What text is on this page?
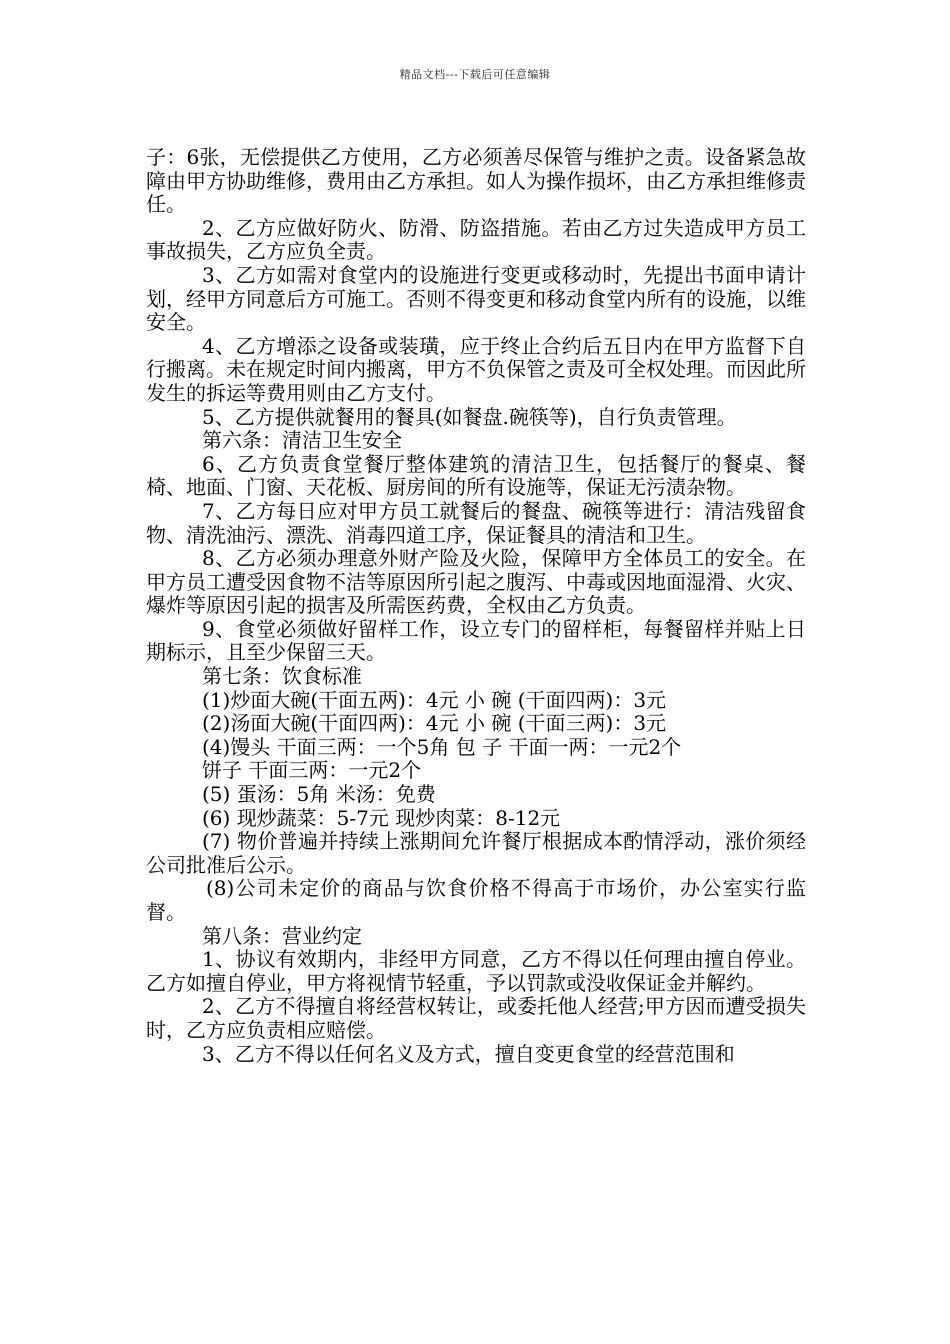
精品文档---下载后可任意编辑

子：6张，无偿提供乙方使用，乙方必须善尽保管与维护之责。设备紧急故障由甲方协助维修，费用由乙方承担。如人为操作损坏，由乙方承担维修责任。

2、乙方应做好防火、防滑、防盗措施。若由乙方过失造成甲方员工事故损失，乙方应负全责。

3、乙方如需对食堂内的设施进行变更或移动时，先提出书面申请计划，经甲方同意后方可施工。否则不得变更和移动食堂内所有的设施，以维安全。

4、乙方增添之设备或装璜，应于终止合约后五日内在甲方监督下自行搬离。未在规定时间内搬离，甲方不负保管之责及可全权处理。而因此所发生的拆运等费用则由乙方支付。

5、乙方提供就餐用的餐具(如餐盘.碗筷等)，自行负责管理。

第六条：清洁卫生安全

6、乙方负责食堂餐厅整体建筑的清洁卫生，包括餐厅的餐桌、餐椅、地面、门窗、天花板、厨房间的所有设施等，保证无污渍杂物。

7、乙方每日应对甲方员工就餐后的餐盘、碗筷等进行：清洁残留食物、清洗油污、漂洗、消毒四道工序，保证餐具的清洁和卫生。

8、乙方必须办理意外财产险及火险，保障甲方全体员工的安全。在甲方员工遭受因食物不洁等原因所引起之腹泻、中毒或因地面湿滑、火灾、爆炸等原因引起的损害及所需医药费，全权由乙方负责。

9、食堂必须做好留样工作，设立专门的留样柜，每餐留样并贴上日期标示，且至少保留三天。

第七条：饮食标准

(1)炒面大碗(干面五两)：4元 小 碗 (干面四两)：3元

(2)汤面大碗(干面四两)：4元 小 碗 (干面三两)：3元

(4)馒头 干面三两：一个5角 包 子 干面一两：一元2个

饼子 干面三两：一元2个

(5) 蛋汤：5角 米汤：免费

(6) 现炒蔬菜：5-7元 现炒肉菜：8-12元

(7) 物价普遍并持续上涨期间允许餐厅根据成本酌情浮动，涨价须经公司批准后公示。

(8)公司未定价的商品与饮食价格不得高于市场价，办公室实行监督。

第八条：营业约定

1、协议有效期内，非经甲方同意，乙方不得以任何理由擅自停业。乙方如擅自停业，甲方将视情节轻重，予以罚款或没收保证金并解约。

2、乙方不得擅自将经营权转让，或委托他人经营;甲方因而遭受损失时，乙方应负责相应赔偿。

3、乙方不得以任何名义及方式，擅自变更食堂的经营范围和
